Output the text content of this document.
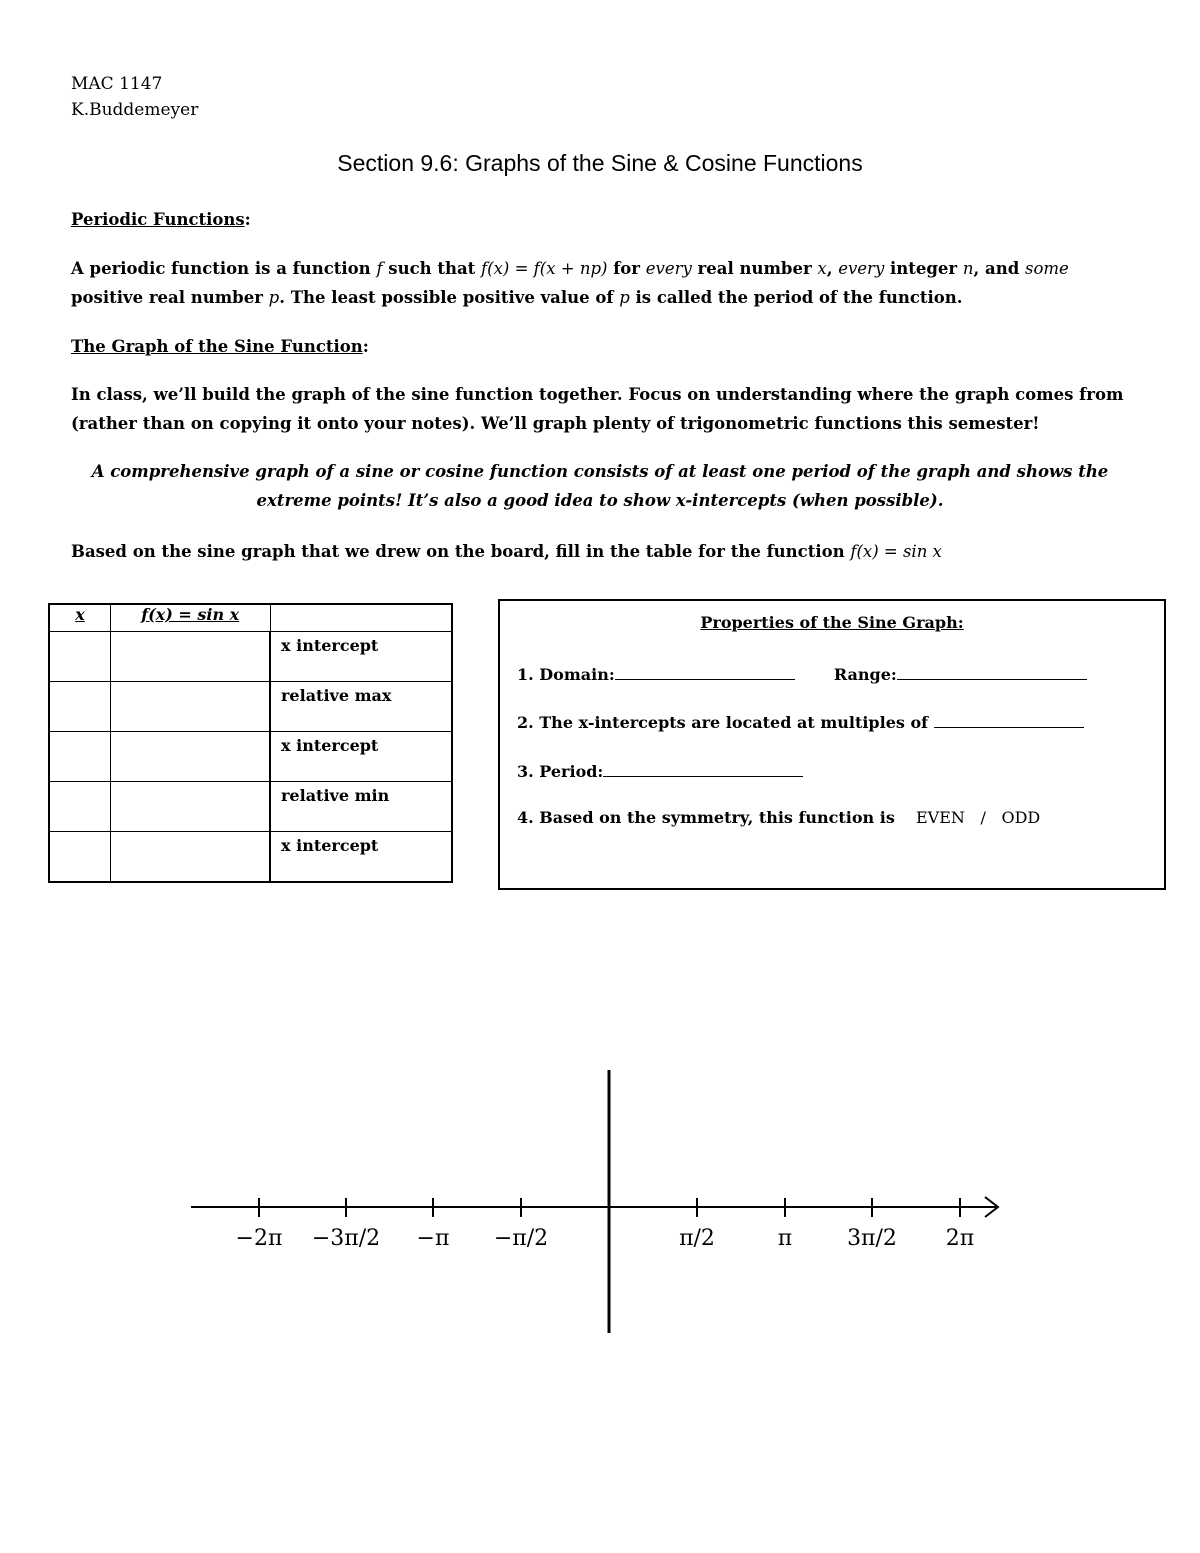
MAC 1147
K.Buddemeyer
Section 9.6: Graphs of the Sine & Cosine Functions
Periodic Functions:
A periodic function is a function f such that f(x) = f(x + np) for every real number x, every integer n, and some positive real number p. The least possible positive value of p is called the period of the function.
The Graph of the Sine Function:
In class, we’ll build the graph of the sine function together. Focus on understanding where the graph comes from (rather than on copying it onto your notes). We’ll graph plenty of trigonometric functions this semester!
A comprehensive graph of a sine or cosine function consists of at least one period of the graph and shows the extreme points! It’s also a good idea to show x-intercepts (when possible).
Based on the sine graph that we drew on the board, fill in the table for the function f(x) = sin x
x	f(x) = sin x	
		x intercept
		relative max
		x intercept
		relative min
		x intercept
Properties of the Sine Graph:
1. Domain:	Range:
2. The x-intercepts are located at multiples of
3. Period:
4. Based on the symmetry, this function is EVEN / ODD
−2π −3π/2 −π −π/2	π/2	π 3π/2 2π
